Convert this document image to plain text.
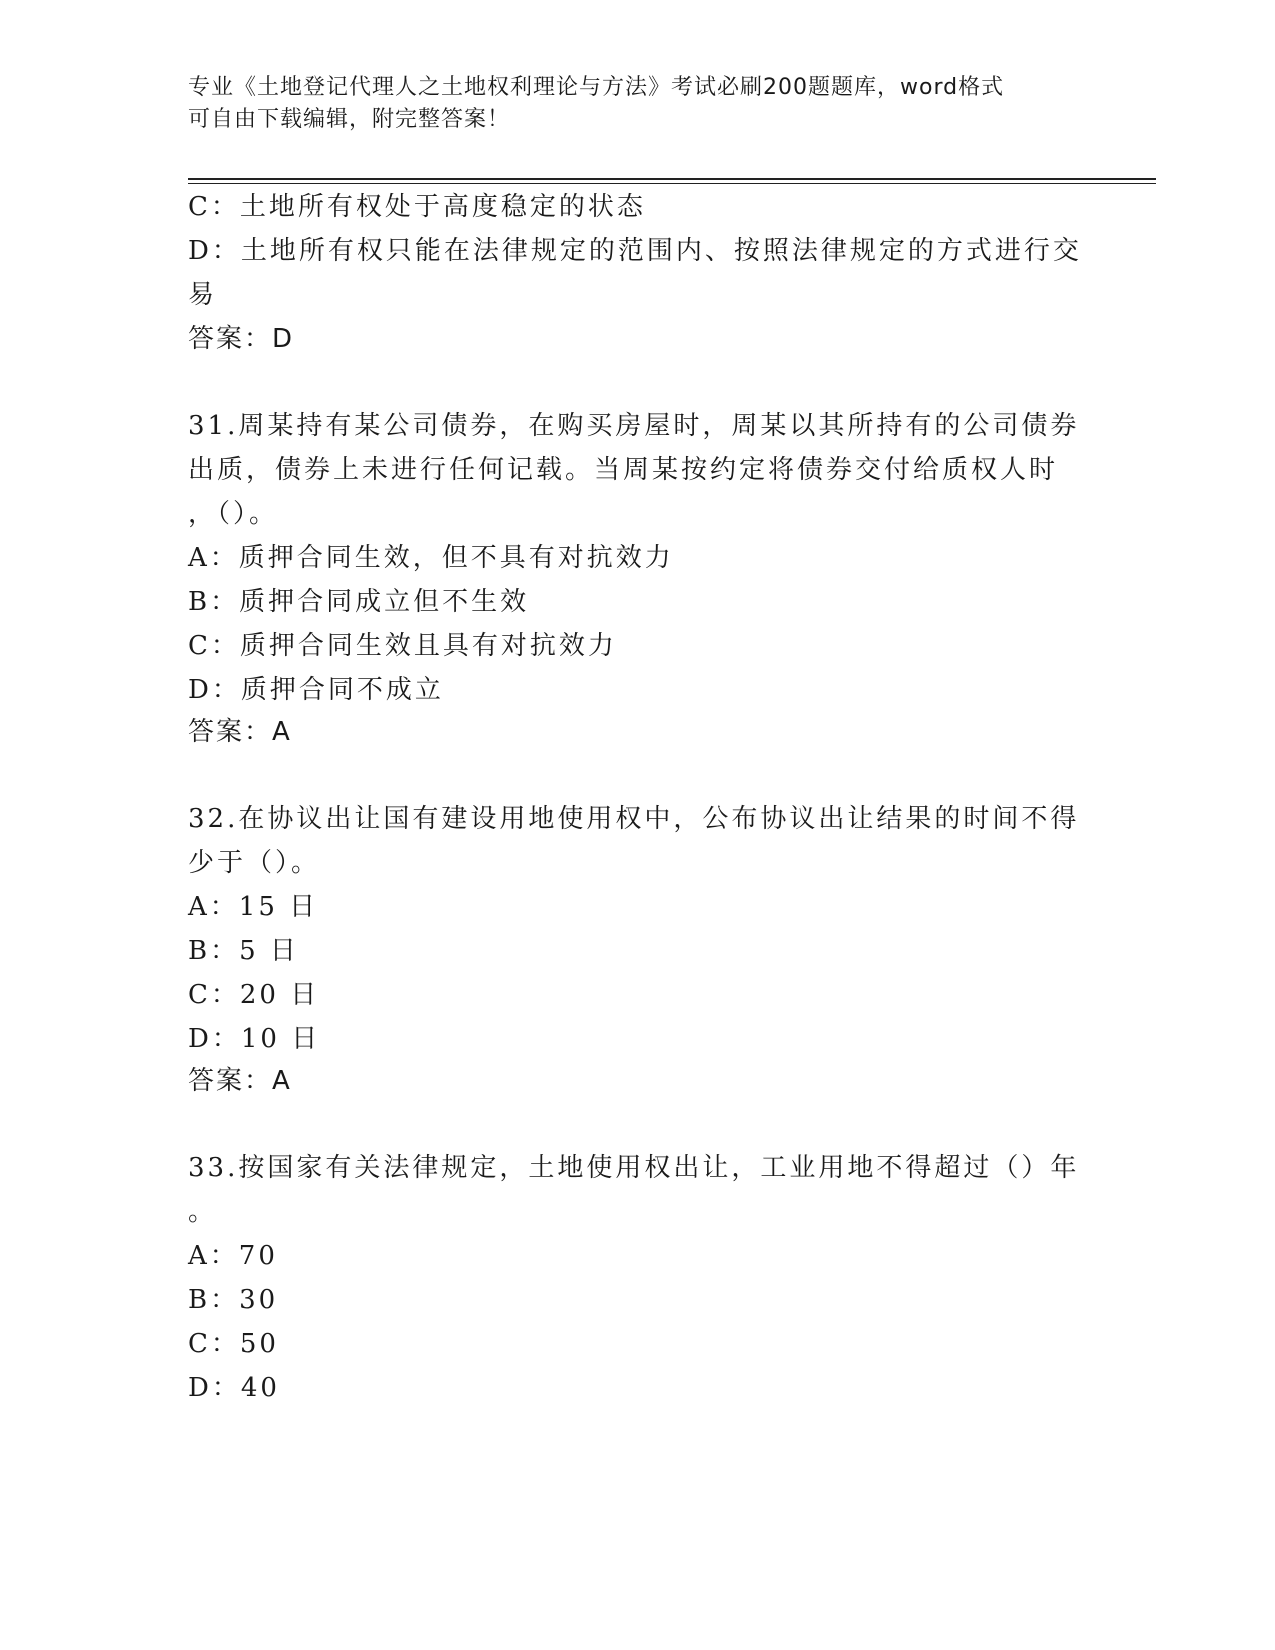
专业《土地登记代理人之土地权利理论与方法》考试必刷200题题库，word格式
可自由下载编辑，附完整答案！
C：土地所有权处于高度稳定的状态
D：土地所有权只能在法律规定的范围内、按照法律规定的方式进行交
易
答案：D
31.周某持有某公司债券，在购买房屋时，周某以其所持有的公司债券
出质，债券上未进行任何记载。当周某按约定将债券交付给质权人时
，（）。
A：质押合同生效，但不具有对抗效力
B：质押合同成立但不生效
C：质押合同生效且具有对抗效力
D：质押合同不成立
答案：A
32.在协议出让国有建设用地使用权中，公布协议出让结果的时间不得
少于（）。
A：15 日
B：5 日
C：20 日
D：10 日
答案：A
33.按国家有关法律规定，土地使用权出让，工业用地不得超过（）年
。
A：70
B：30
C：50
D：40
